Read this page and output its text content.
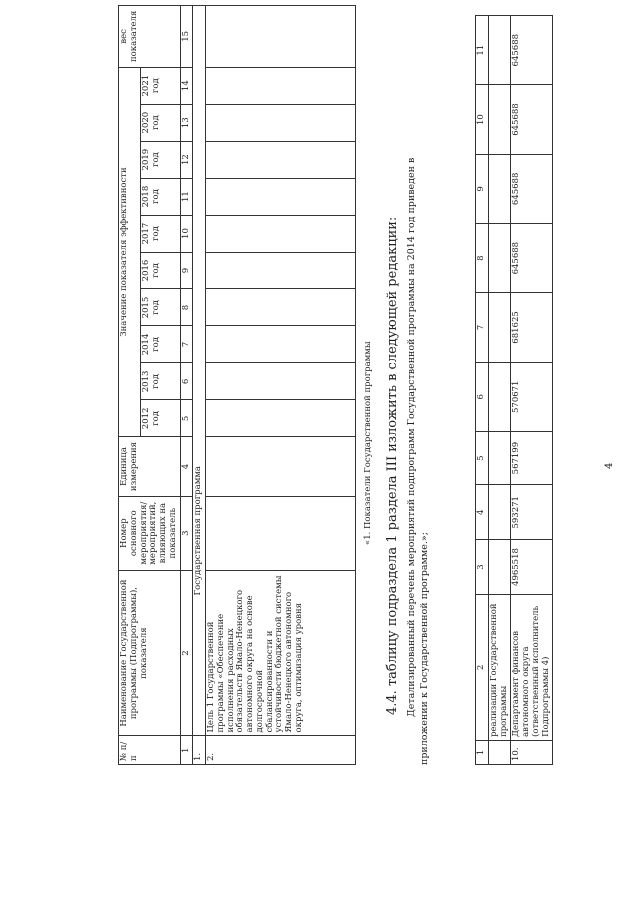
4
1	2	3	4	5	6	7	8	9	10	11
	реализации Государственной программы									
10.	Департамент финансов автономного округа (ответственный исполнитель Подпрограммы 4)	4965518	593271	567199	570671	681625	645688	645688	645688	645688
Детализированный перечень мероприятий подпрограмм Государственной программы на 2014 год приведен в приложении к Государственной программе.»;
4.4. таблицу подраздела 1 раздела III изложить в следующей редакции:
«1. Показатели Государственной программы
№ п/п	Наименование Государственной программы (Подпрограммы), показателя	Номер основного мероприятия/мероприятий, влияющих на показатель	Единица измерения	Значение показателя эффективности										вес показателя
				2012 год	2013 год	2014 год	2015 год	2016 год	2017 год	2018 год	2019 год	2020 год	2021 год	
1	2	3	4	5	6	7	8	9	10	11	12	13	14	15
1.	Государственная программа													
2.	Цель 1 Государственной программы «Обеспечение исполнения расходных обязательств Ямало-Ненецкого автономного округа на основе долгосрочной сбалансированности и устойчивости бюджетной системы Ямало-Ненецкого автономного округа, оптимизация уровня													
